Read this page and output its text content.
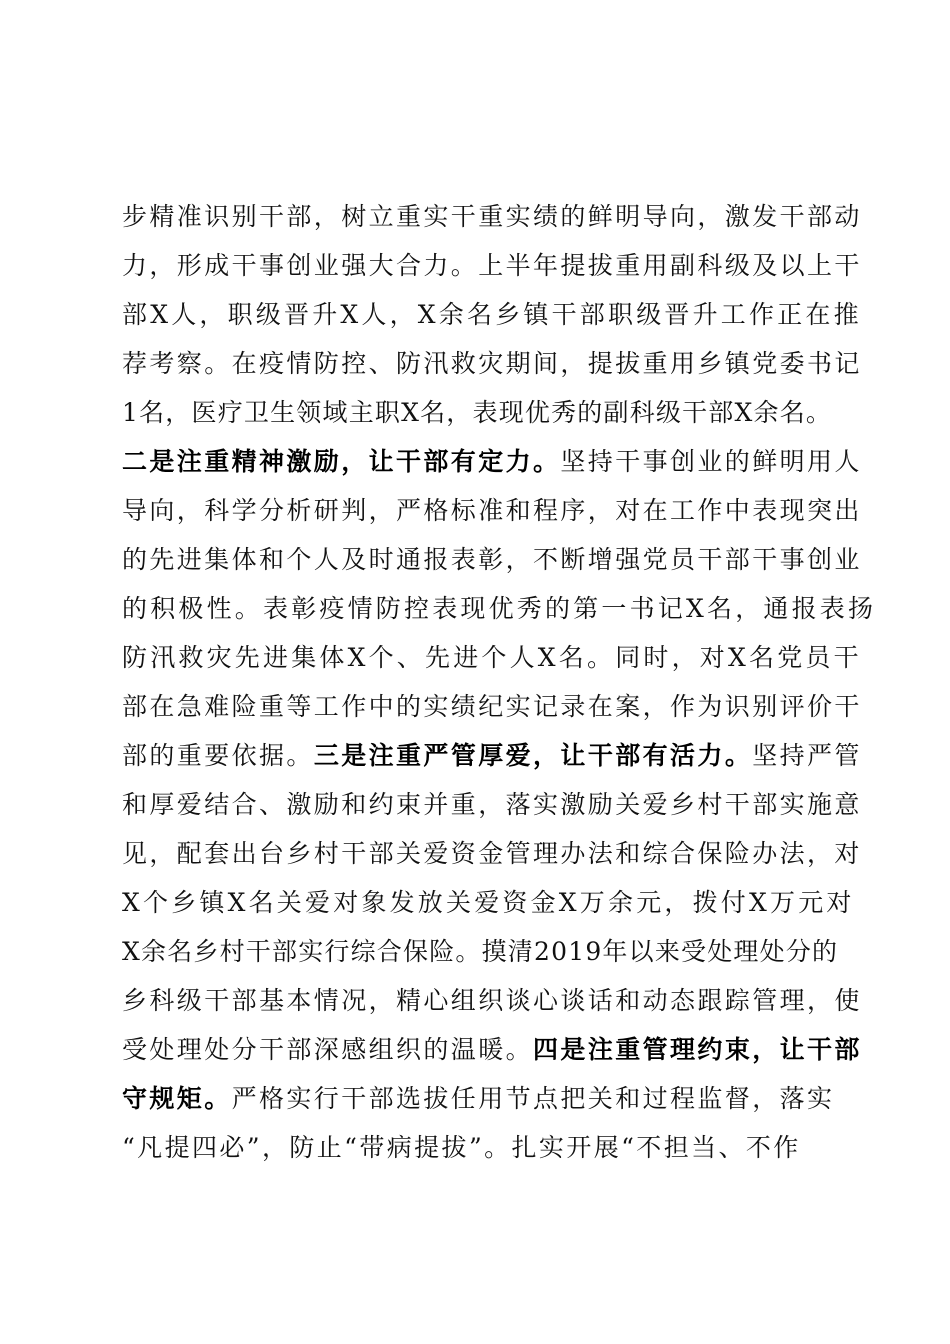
步精准识别干部，树立重实干重实绩的鲜明导向，激发干部动
力，形成干事创业强大合力。上半年提拔重用副科级及以上干
部X人，职级晋升X人，X余名乡镇干部职级晋升工作正在推
荐考察。在疫情防控、防汛救灾期间，提拔重用乡镇党委书记
1名，医疗卫生领域主职X名，表现优秀的副科级干部X余名。
二是注重精神激励，让干部有定力。坚持干事创业的鲜明用人
导向，科学分析研判，严格标准和程序，对在工作中表现突出
的先进集体和个人及时通报表彰，不断增强党员干部干事创业
的积极性。表彰疫情防控表现优秀的第一书记X名，通报表扬
防汛救灾先进集体X个、先进个人X名。同时，对X名党员干
部在急难险重等工作中的实绩纪实记录在案，作为识别评价干
部的重要依据。三是注重严管厚爱，让干部有活力。坚持严管
和厚爱结合、激励和约束并重，落实激励关爱乡村干部实施意
见，配套出台乡村干部关爱资金管理办法和综合保险办法，对
X个乡镇X名关爱对象发放关爱资金X万余元，拨付X万元对
X余名乡村干部实行综合保险。摸清2019年以来受处理处分的
乡科级干部基本情况，精心组织谈心谈话和动态跟踪管理，使
受处理处分干部深感组织的温暖。四是注重管理约束，让干部
守规矩。严格实行干部选拔任用节点把关和过程监督，落实
“凡提四必”，防止“带病提拔”。扎实开展“不担当、不作
